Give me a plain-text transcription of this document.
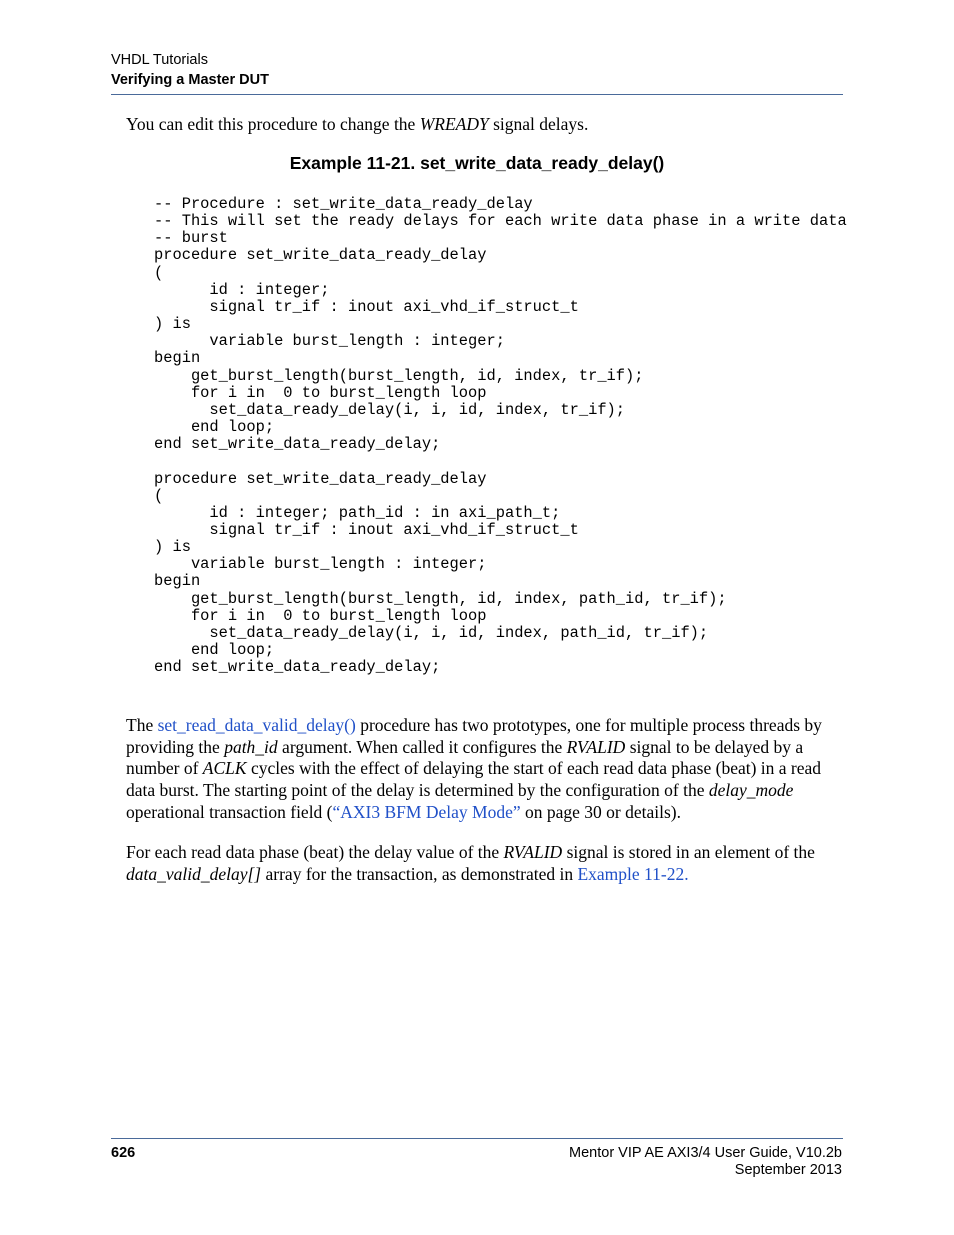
VHDL Tutorials
Verifying a Master DUT
You can edit this procedure to change the WREADY signal delays.
Example 11-21. set_write_data_ready_delay()
-- Procedure : set_write_data_ready_delay
-- This will set the ready delays for each write data phase in a write data
-- burst
procedure set_write_data_ready_delay
(
id : integer;
signal tr_if : inout axi_vhd_if_struct_t
) is
variable burst_length : integer;
begin
get_burst_length(burst_length, id, index, tr_if);
for i in  0 to burst_length loop
set_data_ready_delay(i, i, id, index, tr_if);
end loop;
end set_write_data_ready_delay;

procedure set_write_data_ready_delay
(
id : integer; path_id : in axi_path_t;
signal tr_if : inout axi_vhd_if_struct_t
) is
variable burst_length : integer;
begin
get_burst_length(burst_length, id, index, path_id, tr_if);
for i in  0 to burst_length loop
set_data_ready_delay(i, i, id, index, path_id, tr_if);
end loop;
end set_write_data_ready_delay;
The set_read_data_valid_delay() procedure has two prototypes, one for multiple process threads by providing the path_id argument. When called it configures the RVALID signal to be delayed by a number of ACLK cycles with the effect of delaying the start of each read data phase (beat) in a read data burst. The starting point of the delay is determined by the configuration of the delay_mode operational transaction field (“AXI3 BFM Delay Mode” on page 30 or details).
For each read data phase (beat) the delay value of the RVALID signal is stored in an element of the data_valid_delay[] array for the transaction, as demonstrated in Example 11-22.
626	Mentor VIP AE AXI3/4 User Guide, V10.2b
September 2013
